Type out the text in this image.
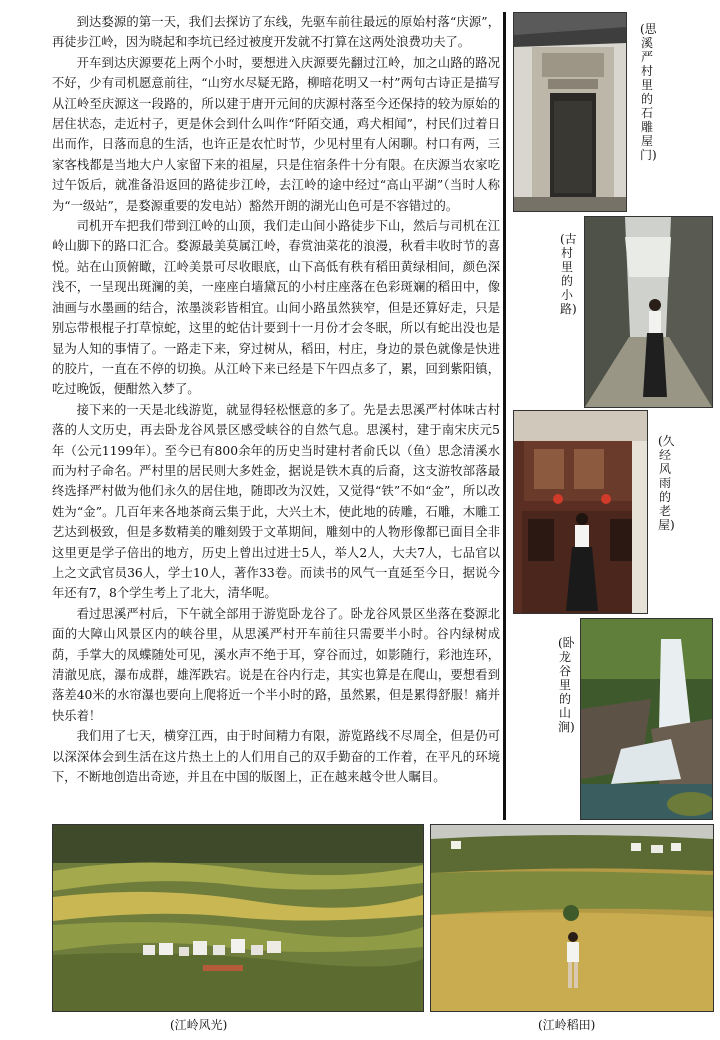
到达婺源的第一天，我们去探访了东线，先驱车前往最远的原始村落“庆源”，再徒步江岭，因为晓起和李坑已经过被度开发就不打算在这两处浪费功夫了。

开车到达庆源要花上两个小时，要想进入庆源要先翻过江岭，加之山路的路况不好，少有司机愿意前往，“山穷水尽疑无路，柳暗花明又一村”两句古诗正是描写从江岭至庆源这一段路的，所以建于唐开元间的庆源村落至今还保持的较为原始的居住状态，走近村子，更是休会到什么叫作“阡陌交通，鸡犬相闻”，村民们过着日出而作，日落而息的生活，也许正是农忙时节，少见村里有人闲聊。村口有两，三家客栈都是当地大户人家留下来的祖屋，只是住宿条件十分有限。在庆源当农家吃过午饭后，就准备沿返回的路徒步江岭，去江岭的途中经过“高山平湖”（当时人称为“一级站”，是婺源重要的发电站）豁然开朗的湖光山色可是不容错过的。

司机开车把我们带到江岭的山顶，我们走山间小路徒步下山，然后与司机在江岭山脚下的路口汇合。婺源最美莫属江岭，春赏油菜花的浪漫，秋看丰收时节的喜悦。站在山顶俯瞰，江岭美景可尽收眼底，山下高低有秩有稻田黄绿相间，颜色深浅不，一呈现出斑澜的美，一座座白墙黛瓦的小村庄座落在色彩斑斓的稻田中，像油画与水墨画的结合，浓墨淡彩皆相宜。山间小路虽然狭窄，但是还算好走，只是别忘带根棍子打草惊蛇，这里的蛇估计要到十一月份才会冬眠，所以有蛇出没也是显为人知的事情了。一路走下来，穿过树从，稻田，村庄，身边的景色就像是快进的胶片，一直在不停的切换。从江岭下来已经是下午四点多了，累，回到紫阳镇，吃过晚饭，便酣然入梦了。

接下来的一天是北线游览，就显得轻松惬意的多了。先是去思溪严村体味古村落的人文历史，再去卧龙谷风景区感受峡谷的自然气息。思溪村，建于南宋庆元5年（公元1199年）。至今已有800余年的历史当时建村者俞氏以（鱼）思念清溪水而为村子命名。严村里的居民则大多姓金，据说是铁木真的后裔，这支游牧部落最终选择严村做为他们永久的居住地，随即改为汉姓，又觉得“铁”不如“金”，所以改姓为“金”。几百年来各地茶商云集于此，大兴土木，使此地的砖雕，石雕，木雕工艺达到极致，但是多数精美的雕刻毁于文革期间，雕刻中的人物形像都已面目全非这里更是学子倍出的地方，历史上曾出过进士5人，举人2人，大夫7人，七品官以上之文武官员36人，学士10人，著作33卷。而读书的风气一直延至今日，据说今年还有7，8个学生考上了北大，清华呢。

看过思溪严村后，下午就全部用于游览卧龙谷了。卧龙谷风景区坐落在婺源北面的大障山风景区内的峡谷里，从思溪严村开车前往只需要半小时。谷内绿树成荫，手掌大的凤蝶随处可见，溪水声不绝于耳，穿谷而过，如影随行，彩池连环，清澈见底，瀑布成群，雄浑跌宕。说是在谷内行走，其实也算是在爬山，要想看到落差40米的水帘瀑也要向上爬将近一个半小时的路，虽然累，但是累得舒服！痛并快乐着！

我们用了七天，横穿江西，由于时间精力有限，游览路线不尽周全，但是仍可以深深体会到生活在这片热土上的人们用自己的双手勤奋的工作着，在平凡的环境下，不断地创造出奇迹，并且在中国的版图上，正在越来越令世人瞩目。

(思溪严村里的石雕屋门)
(古村里的小路)
(久经风雨的老屋)
(卧龙谷里的山涧)
(江岭风光)	(江岭稻田)
